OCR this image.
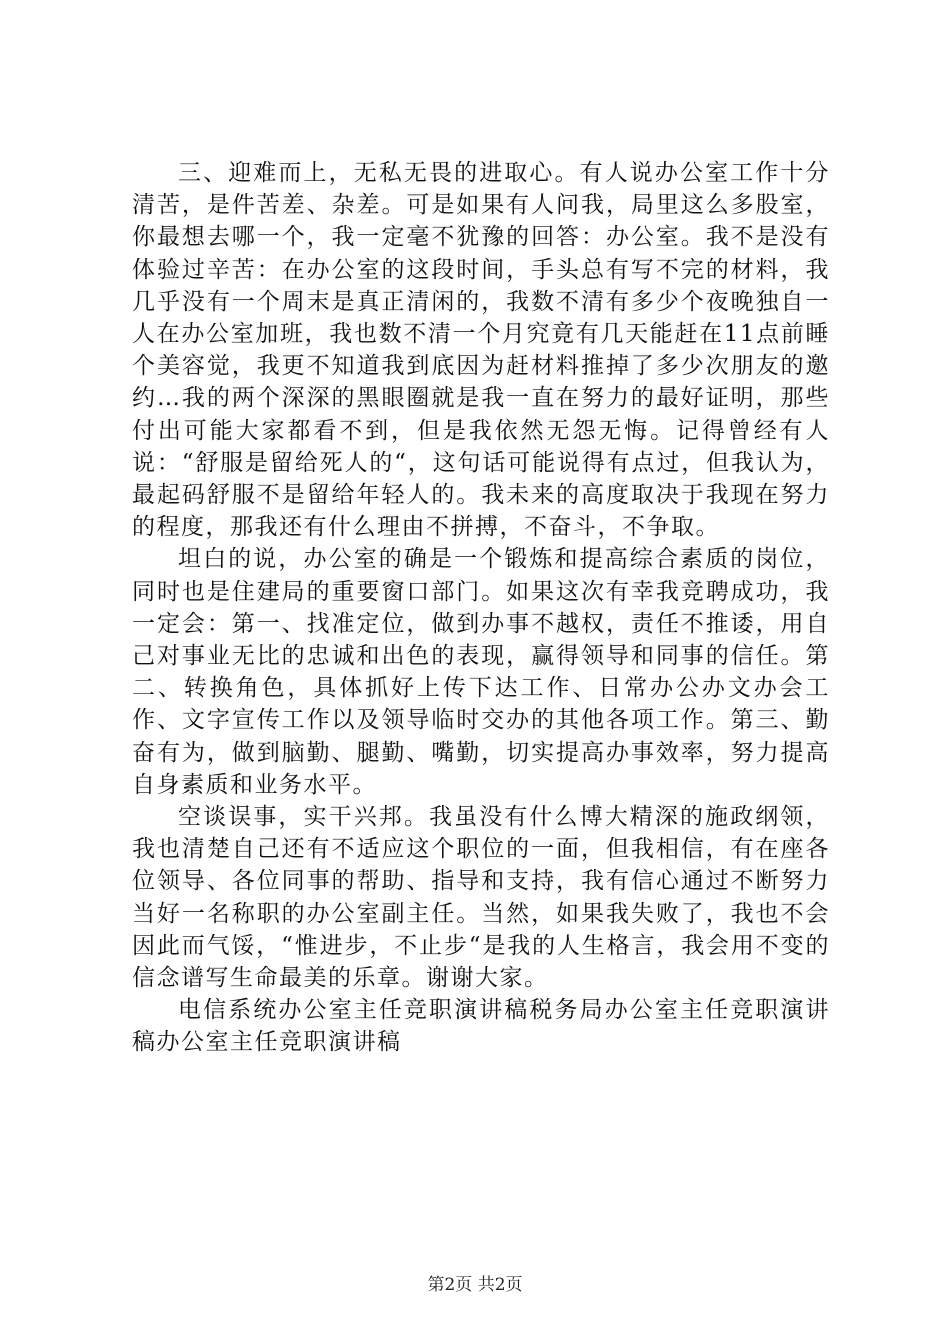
三、迎难而上，无私无畏的进取心。有人说办公室工作十分清苦，是件苦差、杂差。可是如果有人问我，局里这么多股室，你最想去哪一个，我一定毫不犹豫的回答：办公室。我不是没有体验过辛苦：在办公室的这段时间，手头总有写不完的材料，我几乎没有一个周末是真正清闲的，我数不清有多少个夜晚独自一人在办公室加班，我也数不清一个月究竟有几天能赶在11点前睡个美容觉，我更不知道我到底因为赶材料推掉了多少次朋友的邀约…我的两个深深的黑眼圈就是我一直在努力的最好证明，那些付出可能大家都看不到，但是我依然无怨无悔。记得曾经有人说：“舒服是留给死人的“，这句话可能说得有点过，但我认为，最起码舒服不是留给年轻人的。我未来的高度取决于我现在努力的程度，那我还有什么理由不拼搏，不奋斗，不争取。

坦白的说，办公室的确是一个锻炼和提高综合素质的岗位，同时也是住建局的重要窗口部门。如果这次有幸我竞聘成功，我一定会：第一、找准定位，做到办事不越权，责任不推诿，用自己对事业无比的忠诚和出色的表现，赢得领导和同事的信任。第二、转换角色，具体抓好上传下达工作、日常办公办文办会工作、文字宣传工作以及领导临时交办的其他各项工作。第三、勤奋有为，做到脑勤、腿勤、嘴勤，切实提高办事效率，努力提高自身素质和业务水平。

空谈误事，实干兴邦。我虽没有什么博大精深的施政纲领，我也清楚自己还有不适应这个职位的一面，但我相信，有在座各位领导、各位同事的帮助、指导和支持，我有信心通过不断努力当好一名称职的办公室副主任。当然，如果我失败了，我也不会因此而气馁，“惟进步，不止步“是我的人生格言，我会用不变的信念谱写生命最美的乐章。谢谢大家。

电信系统办公室主任竞职演讲稿税务局办公室主任竞职演讲稿办公室主任竞职演讲稿

第2页 共2页
